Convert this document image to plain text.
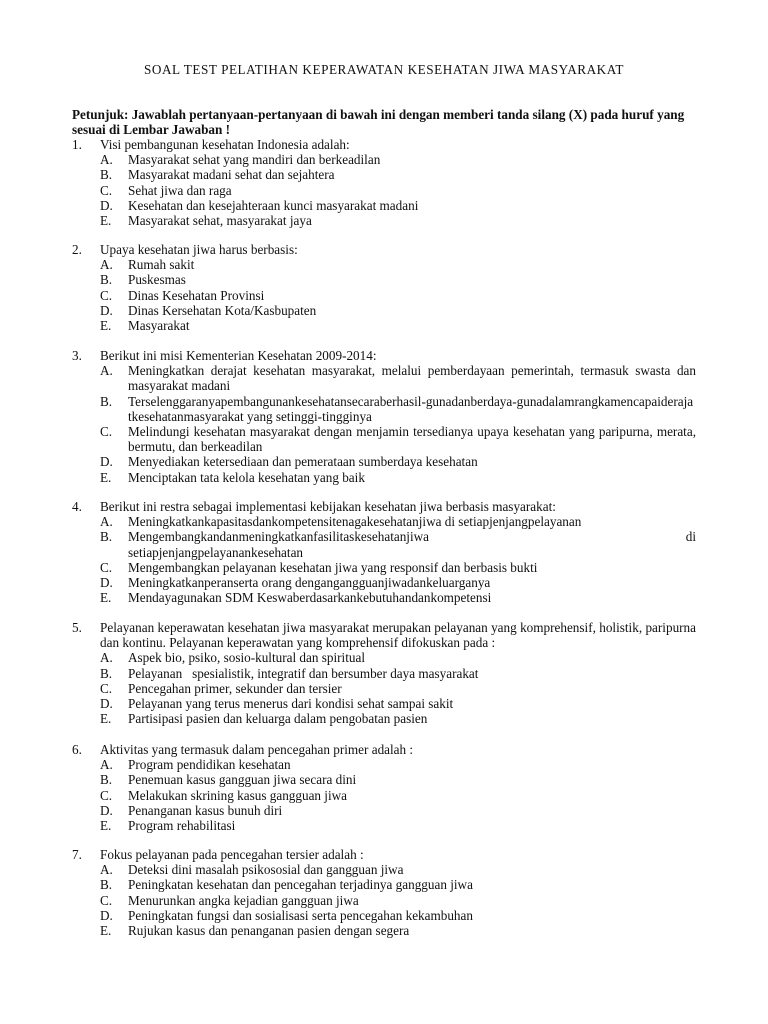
SOAL TEST PELATIHAN KEPERAWATAN KESEHATAN JIWA MASYARAKAT
Petunjuk: Jawablah pertanyaan-pertanyaan di bawah ini dengan memberi tanda silang (X) pada huruf yang sesuai di Lembar Jawaban !
1. Visi pembangunan kesehatan Indonesia adalah:
A. Masyarakat sehat yang mandiri dan berkeadilan
B. Masyarakat madani sehat dan sejahtera
C. Sehat jiwa dan raga
D. Kesehatan dan kesejahteraan kunci masyarakat madani
E. Masyarakat sehat, masyarakat jaya
2. Upaya kesehatan jiwa harus berbasis:
A. Rumah sakit
B. Puskesmas
C. Dinas Kesehatan Provinsi
D. Dinas Kersehatan Kota/Kasbupaten
E. Masyarakat
3. Berikut ini misi Kementerian Kesehatan 2009-2014:
A. Meningkatkan derajat kesehatan masyarakat, melalui pemberdayaan pemerintah, termasuk swasta dan masyarakat madani
B. Terselenggaranyapembangunankesehatansecaraberhasil-gunadanberdaya-gunadalamrangkamencapaiderajatkesehatanmasyarakat yang setinggi-tingginya
C. Melindungi kesehatan masyarakat dengan menjamin tersedianya upaya kesehatan yang paripurna, merata, bermutu, dan berkeadilan
D. Menyediakan ketersediaan dan pemerataan sumberdaya kesehatan
E. Menciptakan tata kelola kesehatan yang baik
4. Berikut ini restra sebagai implementasi kebijakan kesehatan jiwa berbasis masyarakat:
A. Meningkatkankapasitasdankompetensitenagakesehatanjiwa di setiapjenjangpelayanan
B. Mengembangkandanmeningkatkanfasilitaskesehatanjiwa	di
setiapjenjangpelayanankesehatan
C. Mengembangkan pelayanan kesehatan jiwa yang responsif dan berbasis bukti
D. Meningkatkanperanserta orang dengangangguanjiwadankeluarganya
E. Mendayagunakan SDM Keswaberdasarkankebutuhandankompetensi
5. Pelayanan keperawatan kesehatan jiwa masyarakat merupakan pelayanan yang komprehensif, holistik, paripurna dan kontinu. Pelayanan keperawatan yang komprehensif difokuskan pada :
A. Aspek bio, psiko, sosio-kultural dan spiritual
B. Pelayanan   spesialistik, integratif dan bersumber daya masyarakat
C. Pencegahan primer, sekunder dan tersier
D. Pelayanan yang terus menerus dari kondisi sehat sampai sakit
E. Partisipasi pasien dan keluarga dalam pengobatan pasien
6. Aktivitas yang termasuk dalam pencegahan primer adalah :
A. Program pendidikan kesehatan
B. Penemuan kasus gangguan jiwa secara dini
C. Melakukan skrining kasus gangguan jiwa
D. Penanganan kasus bunuh diri
E. Program rehabilitasi
7. Fokus pelayanan pada pencegahan tersier adalah :
A. Deteksi dini masalah psikososial dan gangguan jiwa
B. Peningkatan kesehatan dan pencegahan terjadinya gangguan jiwa
C. Menurunkan angka kejadian gangguan jiwa
D. Peningkatan fungsi dan sosialisasi serta pencegahan kekambuhan
E. Rujukan kasus dan penanganan pasien dengan segera
